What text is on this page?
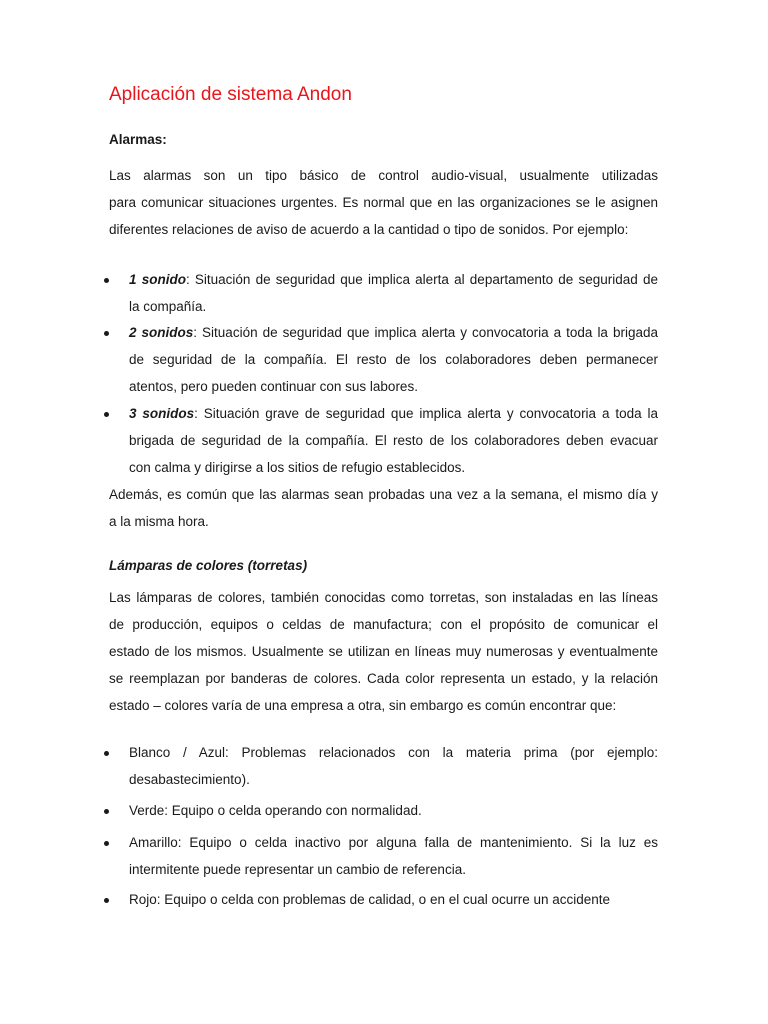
Aplicación de sistema Andon
Alarmas:

Las alarmas son un tipo básico de control audio-visual, usualmente utilizadas
para comunicar situaciones urgentes. Es normal que en las organizaciones se le asignen
diferentes relaciones de aviso de acuerdo a la cantidad o tipo de sonidos. Por ejemplo:

1 sonido: Situación de seguridad que implica alerta al departamento de seguridad de
la compañía.
2 sonidos: Situación de seguridad que implica alerta y convocatoria a toda la brigada
de seguridad de la compañía. El resto de los colaboradores deben permanecer
atentos, pero pueden continuar con sus labores.
3 sonidos: Situación grave de seguridad que implica alerta y convocatoria a toda la
brigada de seguridad de la compañía. El resto de los colaboradores deben evacuar
con calma y dirigirse a los sitios de refugio establecidos.

Además, es común que las alarmas sean probadas una vez a la semana, el mismo día y
a la misma hora.

Lámparas de colores (torretas)

Las lámparas de colores, también conocidas como torretas, son instaladas en las líneas
de producción, equipos o celdas de manufactura; con el propósito de comunicar el
estado de los mismos. Usualmente se utilizan en líneas muy numerosas y eventualmente
se reemplazan por banderas de colores. Cada color representa un estado, y la relación
estado – colores varía de una empresa a otra, sin embargo es común encontrar que:

Blanco / Azul: Problemas relacionados con la materia prima (por ejemplo:
desabastecimiento).
Verde: Equipo o celda operando con normalidad.
Amarillo: Equipo o celda inactivo por alguna falla de mantenimiento. Si la luz es
intermitente puede representar un cambio de referencia.
Rojo: Equipo o celda con problemas de calidad, o en el cual ocurre un accidente
